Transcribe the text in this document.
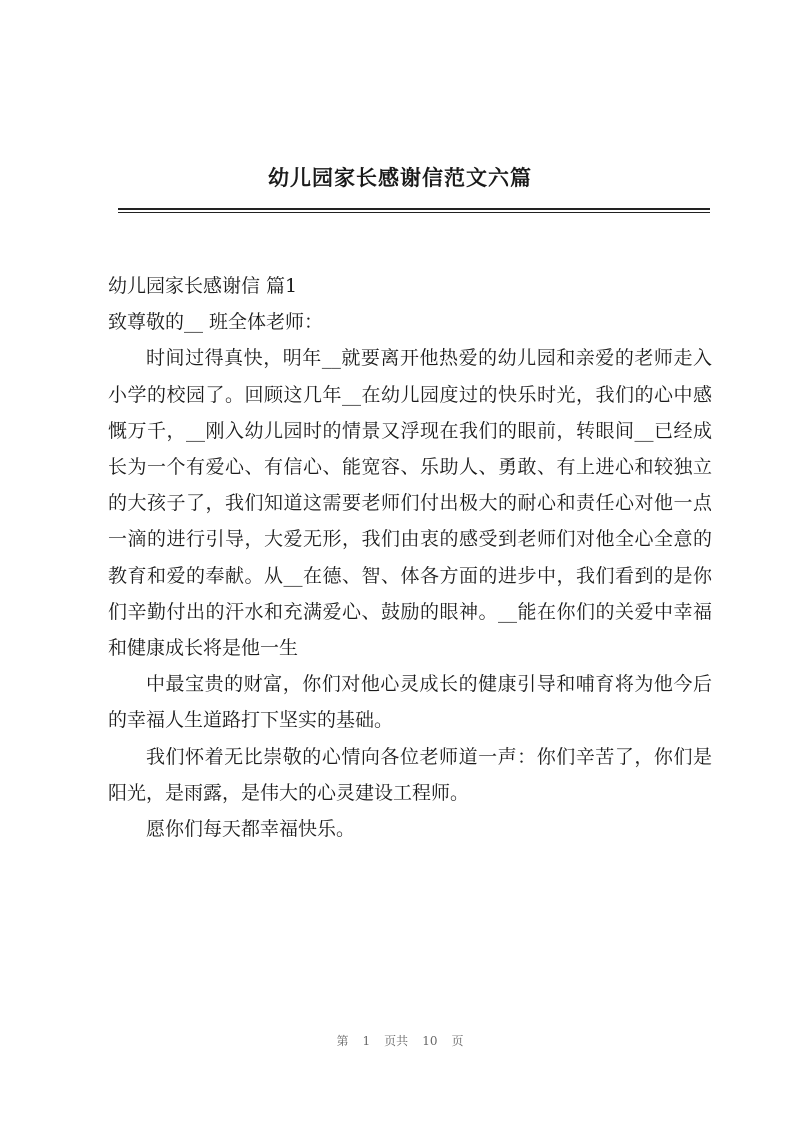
幼儿园家长感谢信范文六篇

幼儿园家长感谢信 篇1

致尊敬的__ 班全体老师：

时间过得真快，明年__就要离开他热爱的幼儿园和亲爱的老师走入小学的校园了。回顾这几年__在幼儿园度过的快乐时光，我们的心中感慨万千，__刚入幼儿园时的情景又浮现在我们的眼前，转眼间__已经成长为一个有爱心、有信心、能宽容、乐助人、勇敢、有上进心和较独立的大孩子了，我们知道这需要老师们付出极大的耐心和责任心对他一点一滴的进行引导，大爱无形，我们由衷的感受到老师们对他全心全意的教育和爱的奉献。从__在德、智、体各方面的进步中，我们看到的是你们辛勤付出的汗水和充满爱心、鼓励的眼神。__能在你们的关爱中幸福和健康成长将是他一生

中最宝贵的财富，你们对他心灵成长的健康引导和哺育将为他今后的幸福人生道路打下坚实的基础。

我们怀着无比崇敬的心情向各位老师道一声：你们辛苦了，你们是阳光，是雨露，是伟大的心灵建设工程师。

愿你们每天都幸福快乐。

第 1 页共 10 页
